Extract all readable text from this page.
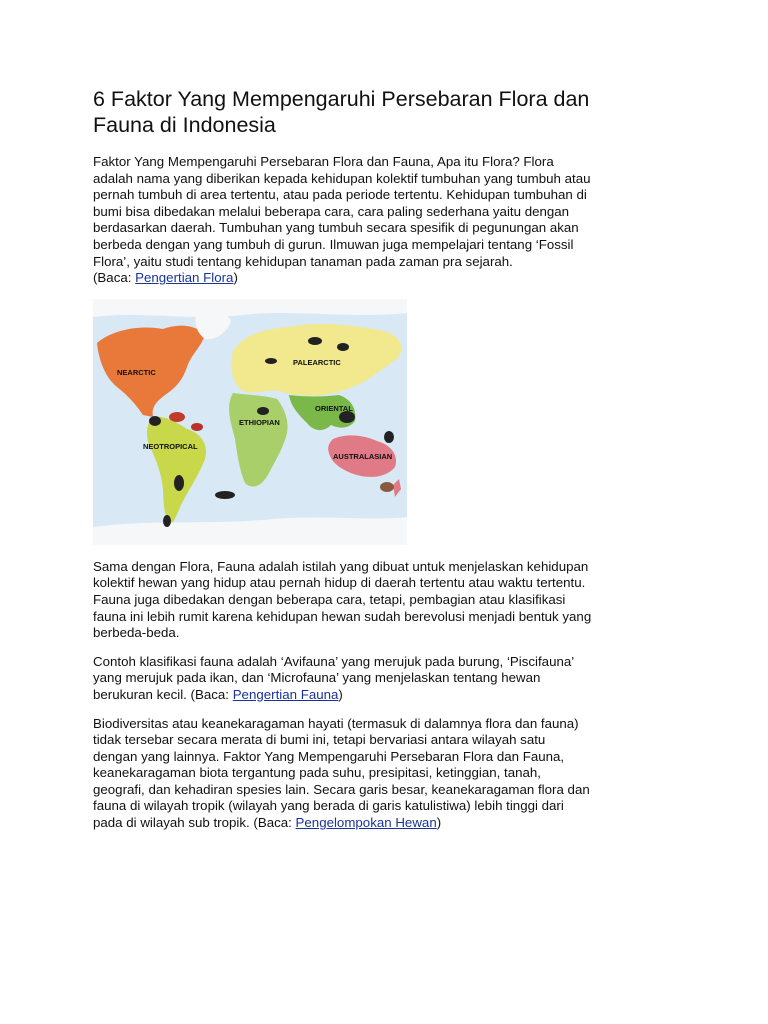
6 Faktor Yang Mempengaruhi Persebaran Flora dan
Fauna di Indonesia

Faktor Yang Mempengaruhi Persebaran Flora dan Fauna, Apa itu Flora? Flora
adalah nama yang diberikan kepada kehidupan kolektif tumbuhan yang tumbuh atau
pernah tumbuh di area tertentu, atau pada periode tertentu. Kehidupan tumbuhan di
bumi bisa dibedakan melalui beberapa cara, cara paling sederhana yaitu dengan
berdasarkan daerah. Tumbuhan yang tumbuh secara spesifik di pegunungan akan
berbeda dengan yang tumbuh di gurun. Ilmuwan juga mempelajari tentang ‘Fossil
Flora’, yaitu studi tentang kehidupan tanaman pada zaman pra sejarah.
(Baca: Pengertian Flora)

NEARCTIC
PALEARCTIC
ORIENTAL
ETHIOPIAN
NEOTROPICAL
AUSTRALASIAN

Sama dengan Flora, Fauna adalah istilah yang dibuat untuk menjelaskan kehidupan
kolektif hewan yang hidup atau pernah hidup di daerah tertentu atau waktu tertentu.
Fauna juga dibedakan dengan beberapa cara, tetapi, pembagian atau klasifikasi
fauna ini lebih rumit karena kehidupan hewan sudah berevolusi menjadi bentuk yang
berbeda-beda.

Contoh klasifikasi fauna adalah ‘Avifauna’ yang merujuk pada burung, ‘Piscifauna’
yang merujuk pada ikan, dan ‘Microfauna’ yang menjelaskan tentang hewan
berukuran kecil. (Baca: Pengertian Fauna)

Biodiversitas atau keanekaragaman hayati (termasuk di dalamnya flora dan fauna)
tidak tersebar secara merata di bumi ini, tetapi bervariasi antara wilayah satu
dengan yang lainnya. Faktor Yang Mempengaruhi Persebaran Flora dan Fauna,
keanekaragaman biota tergantung pada suhu, presipitasi, ketinggian, tanah,
geografi, dan kehadiran spesies lain. Secara garis besar, keanekaragaman flora dan
fauna di wilayah tropik (wilayah yang berada di garis katulistiwa) lebih tinggi dari
pada di wilayah sub tropik. (Baca: Pengelompokan Hewan)
